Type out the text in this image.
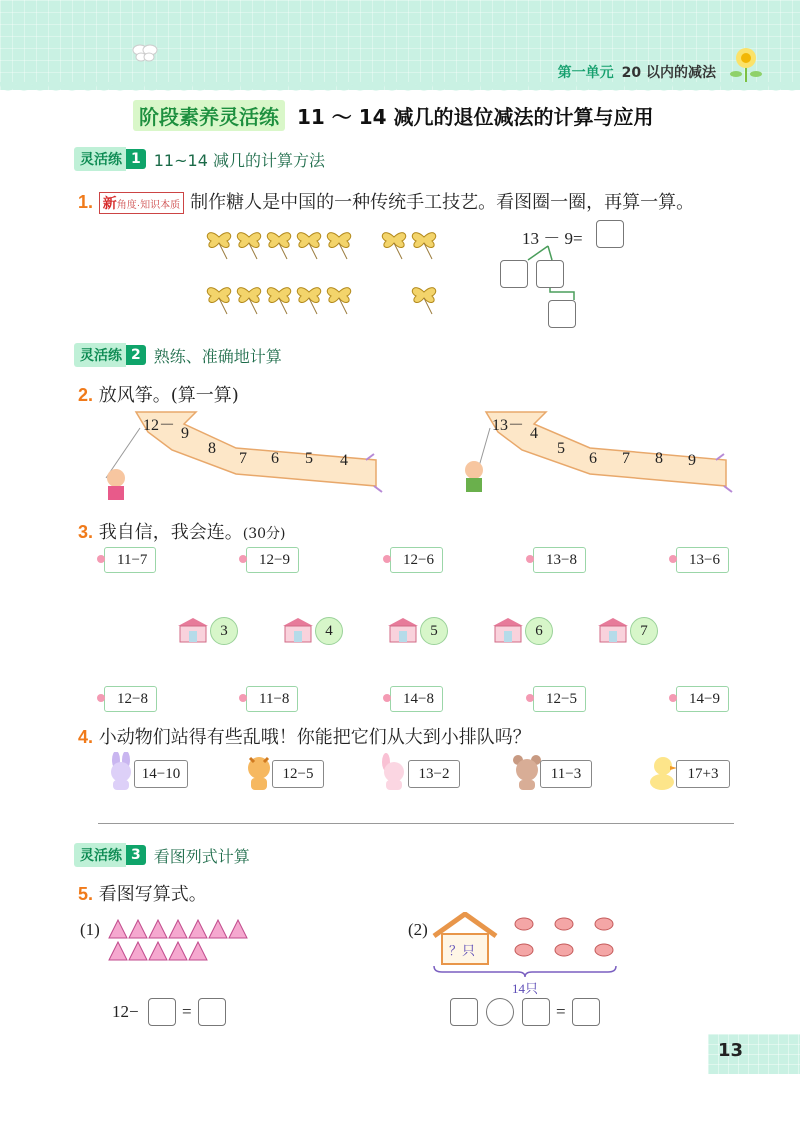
第一单元 20 以内的减法
阶段素养灵活练 11 ～ 14 减几的退位减法的计算与应用
灵活练 1 11~14 减几的计算方法
1. 新角度·知识本质 制作糖人是中国的一种传统手工技艺。看图圈一圈，再算一算。
13 － 9=
灵活练 2 熟练、准确地计算
2. 放风筝。(算一算)
12－ 9
8
7 6 5 4
13－ 4
5
6 7 8 9
3. 我自信，我会连。(30分)
11−7	12−9	12−6	13−8	13−6
3	4	5	6	7
12−8	11−8	14−8	12−5	14−9
4. 小动物们站得有些乱哦！你能把它们从大到小排队吗？
14−10	12−5	13−2	11−3	17+3
灵活练 3 看图列式计算
5. 看图写算式。
(1)
12−	=
(2)
？只
14只
=
13
